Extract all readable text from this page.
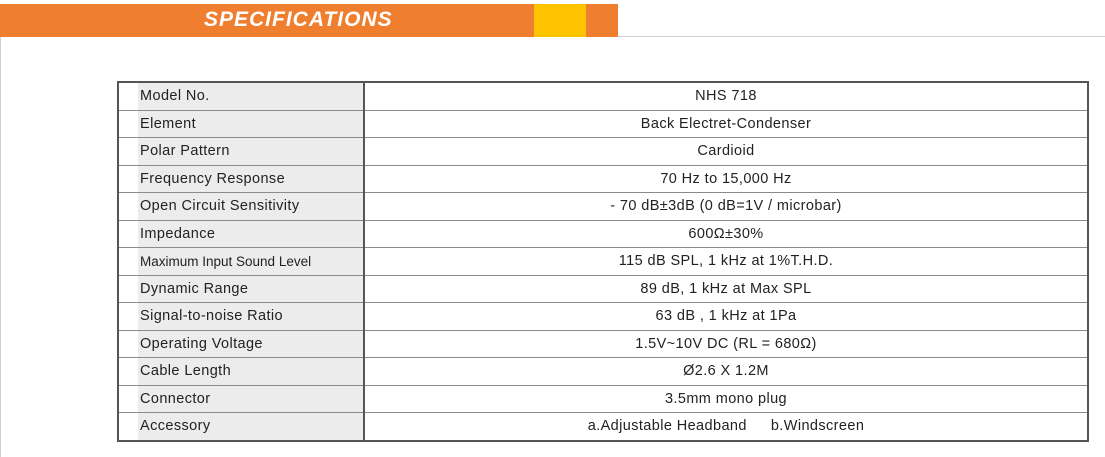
SPECIFICATIONS
	Model No.	NHS 718
	Element	Back Electret-Condenser
	Polar Pattern	Cardioid
	Frequency Response	70 Hz to 15,000 Hz
	Open Circuit Sensitivity	- 70 dB±3dB (0 dB=1V / microbar)
	Impedance	600Ω±30%
	Maximum Input Sound Level	115 dB SPL, 1 kHz at 1%T.H.D.
	Dynamic Range	89 dB, 1 kHz at Max SPL
	Signal-to-noise Ratio	63 dB , 1 kHz at 1Pa
	Operating Voltage	1.5V~10V DC (RL = 680Ω)
	Cable Length	Ø2.6 X 1.2M
	Connector	3.5mm mono plug
	Accessory	a.Adjustable Headband b.Windscreen
